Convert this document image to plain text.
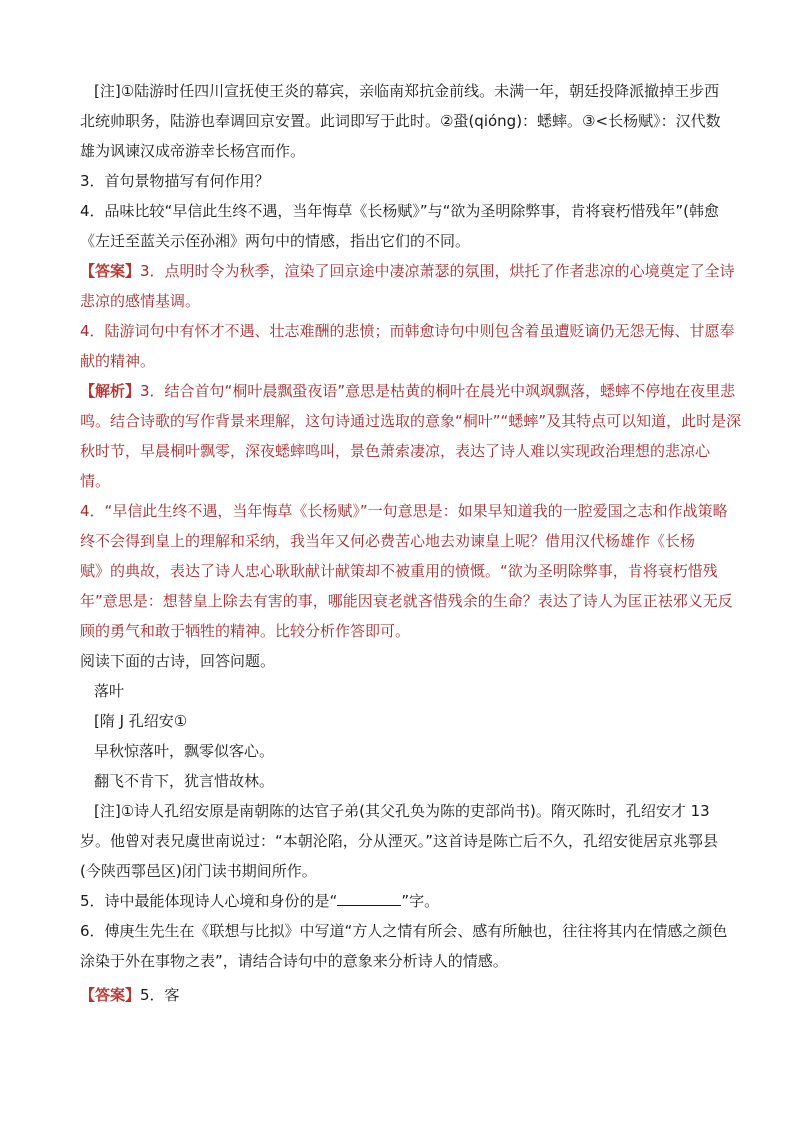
[注]①陆游时任四川宣抚使王炎的幕宾，亲临南郑抗金前线。未满一年，朝廷投降派撤掉王步西
北统帅职务，陆游也奉调回京安置。此词即写于此时。②蛩(qióng)：蟋蟀。③<长杨赋》：汉代数
雄为讽谏汉成帝游幸长杨宫而作。
3．首句景物描写有何作用？
4．品味比较“早信此生终不遇，当年悔草《长杨赋》”与“欲为圣明除弊事，肯将衰朽惜残年”(韩愈
《左迁至蓝关示侄孙湘》两句中的情感，指出它们的不同。
【答案】3．点明时令为秋季，渲染了回京途中凄凉萧瑟的氛围，烘托了作者悲凉的心境奠定了全诗
悲凉的感情基调。
4．陆游词句中有怀才不遇、壮志难酬的悲愤；而韩愈诗句中则包含着虽遭贬谪仍无怨无悔、甘愿奉
献的精神。
【解析】3．结合首句“桐叶晨飘蛩夜语”意思是枯黄的桐叶在晨光中飒飒飘落，蟋蟀不停地在夜里悲
鸣。结合诗歌的写作背景来理解，这句诗通过选取的意象“桐叶”“蟋蟀”及其特点可以知道，此时是深
秋时节，早晨桐叶飘零，深夜蟋蟀鸣叫，景色萧索凄凉，表达了诗人难以实现政治理想的悲凉心
情。
4．“早信此生终不遇，当年悔草《长杨赋》”一句意思是：如果早知道我的一腔爱国之志和作战策略
终不会得到皇上的理解和采纳，我当年又何必费苦心地去劝谏皇上呢？借用汉代杨雄作《长杨
赋》的典故，表达了诗人忠心耿耿献计献策却不被重用的愤慨。“欲为圣明除弊事，肯将衰朽惜残
年”意思是：想替皇上除去有害的事，哪能因衰老就吝惜残余的生命？表达了诗人为匡正祛邪义无反
顾的勇气和敢于牺牲的精神。比较分析作答即可。
阅读下面的古诗，回答问题。
落叶
[隋 J 孔绍安①
早秋惊落叶，飘零似客心。
翻飞不肯下，犹言惜故林。
[注]①诗人孔绍安原是南朝陈的达官子弟(其父孔奂为陈的吏部尚书)。隋灭陈时，孔绍安才 13
岁。他曾对表兄虞世南说过：“本朝沦陷，分从湮灭。”这首诗是陈亡后不久，孔绍安徙居京兆鄠县
(今陕西鄠邑区)闭门读书期间所作。
5．诗中最能体现诗人心境和身份的是“	”字。
6．傅庚生先生在《联想与比拟》中写道“方人之情有所会、感有所触也，往往将其内在情感之颜色
涂染于外在事物之表”，请结合诗句中的意象来分析诗人的情感。
【答案】5．客
